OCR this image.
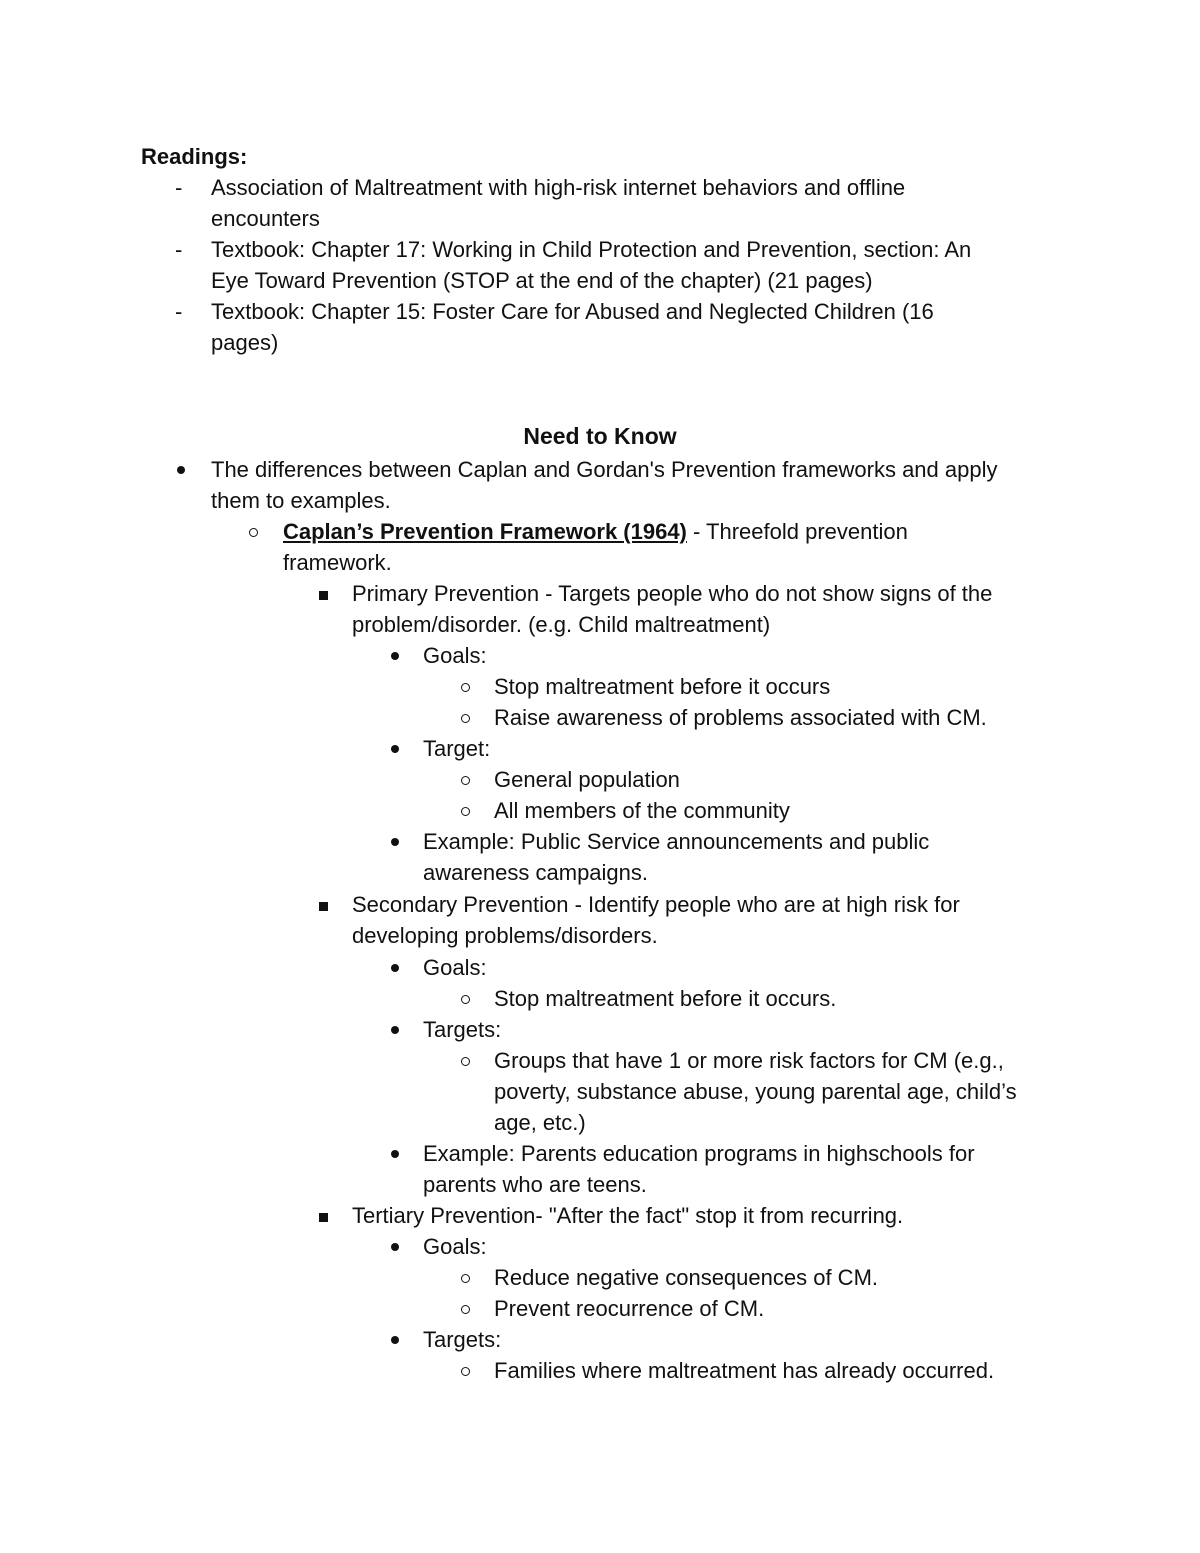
Readings:
- Association of Maltreatment with high-risk internet behaviors and offline
encounters
- Textbook: Chapter 17: Working in Child Protection and Prevention, section: An
Eye Toward Prevention (STOP at the end of the chapter) (21 pages)
- Textbook: Chapter 15: Foster Care for Abused and Neglected Children (16
pages)
Need to Know
The differences between Caplan and Gordan's Prevention frameworks and apply
them to examples.
Caplan’s Prevention Framework (1964) - Threefold prevention
framework.
Primary Prevention - Targets people who do not show signs of the
problem/disorder. (e.g. Child maltreatment)
Goals:
Stop maltreatment before it occurs
Raise awareness of problems associated with CM.
Target:
General population
All members of the community
Example: Public Service announcements and public
awareness campaigns.
Secondary Prevention - Identify people who are at high risk for
developing problems/disorders.
Goals:
Stop maltreatment before it occurs.
Targets:
Groups that have 1 or more risk factors for CM (e.g.,
poverty, substance abuse, young parental age, child’s
age, etc.)
Example: Parents education programs in highschools for
parents who are teens.
Tertiary Prevention- "After the fact" stop it from recurring.
Goals:
Reduce negative consequences of CM.
Prevent reocurrence of CM.
Targets:
Families where maltreatment has already occurred.
